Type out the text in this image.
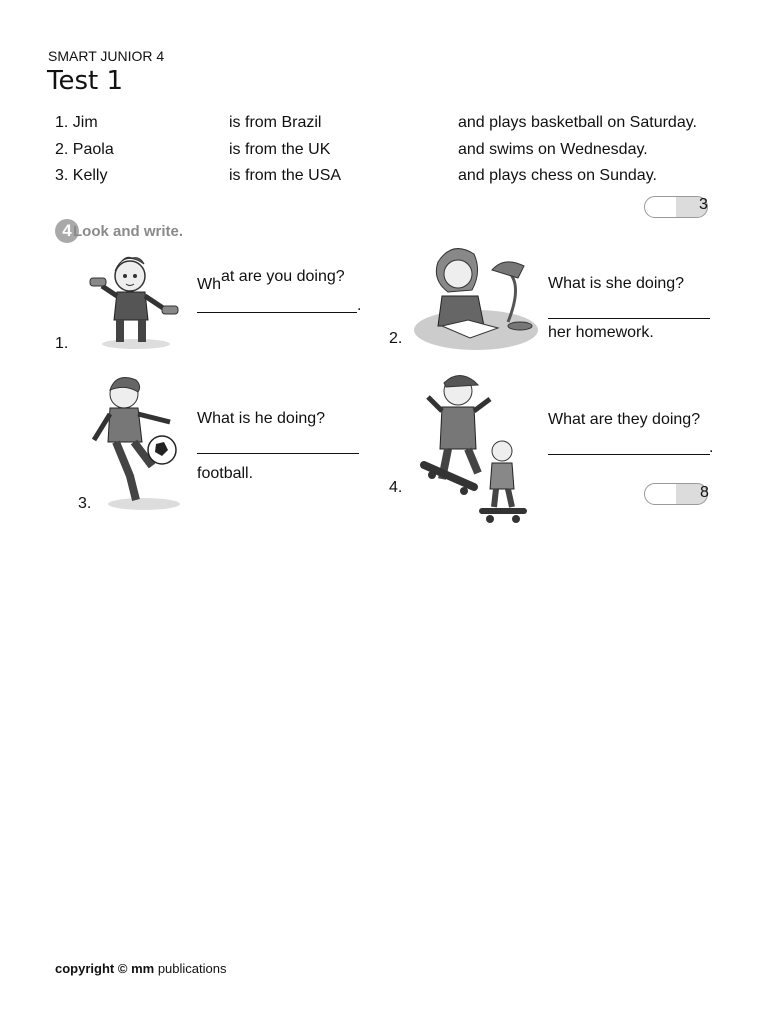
SMART JUNIOR 4
Test 1
1. Jim	is from Brazil	and plays basketball on Saturday.
2. Paola	is from the UK	and swims on Wednesday.
3. Kelly	is from the USA	and plays chess on Sunday.
3
4 Look and write.
What are you doing?
.
1.
What is she doing?
her homework.
2.
What is he doing?
football.
3.
What are they doing?
.
4.	8
copyright © mm publications
